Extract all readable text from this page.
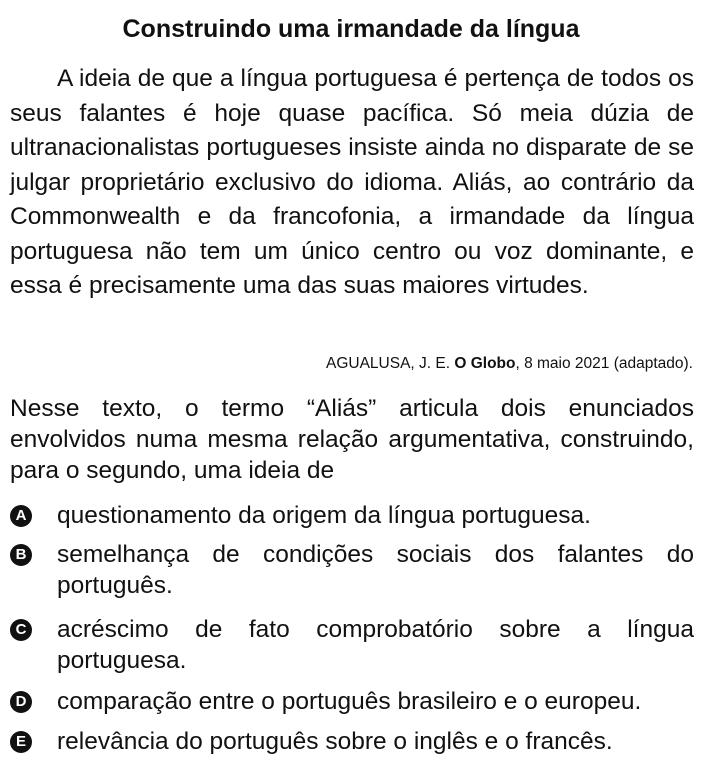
Construindo uma irmandade da língua

A ideia de que a língua portuguesa é pertença de todos os seus falantes é hoje quase pacífica. Só meia dúzia de ultranacionalistas portugueses insiste ainda no disparate de se julgar proprietário exclusivo do idioma. Aliás, ao contrário da Commonwealth e da francofonia, a irmandade da língua portuguesa não tem um único centro ou voz dominante, e essa é precisamente uma das suas maiores virtudes.

AGUALUSA, J. E. O Globo, 8 maio 2021 (adaptado).

Nesse texto, o termo “Aliás” articula dois enunciados envolvidos numa mesma relação argumentativa, construindo, para o segundo, uma ideia de

A questionamento da origem da língua portuguesa.

B semelhança de condições sociais dos falantes do português.

C acréscimo de fato comprobatório sobre a língua portuguesa.

D comparação entre o português brasileiro e o europeu.

E relevância do português sobre o inglês e o francês.
